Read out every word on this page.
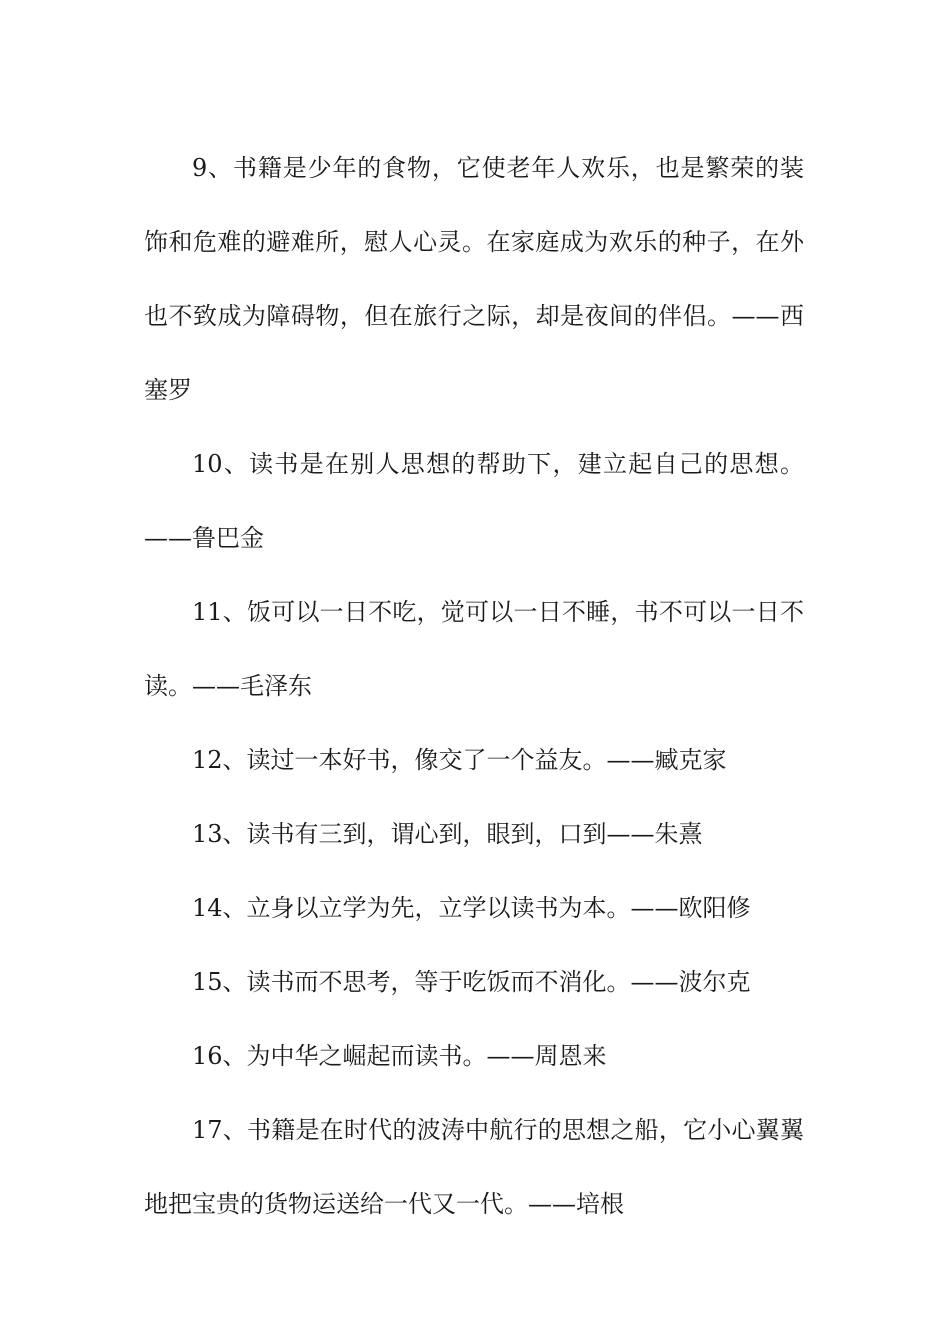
9、书籍是少年的食物，它使老年人欢乐，也是繁荣的装饰和危难的避难所，慰人心灵。在家庭成为欢乐的种子，在外也不致成为障碍物，但在旅行之际，却是夜间的伴侣。——西塞罗

10、读书是在别人思想的帮助下，建立起自己的思想。——鲁巴金

11、饭可以一日不吃，觉可以一日不睡，书不可以一日不读。——毛泽东

12、读过一本好书，像交了一个益友。——臧克家

13、读书有三到，谓心到，眼到，口到——朱熹

14、立身以立学为先，立学以读书为本。——欧阳修

15、读书而不思考，等于吃饭而不消化。——波尔克

16、为中华之崛起而读书。——周恩来

17、书籍是在时代的波涛中航行的思想之船，它小心翼翼地把宝贵的货物运送给一代又一代。——培根
